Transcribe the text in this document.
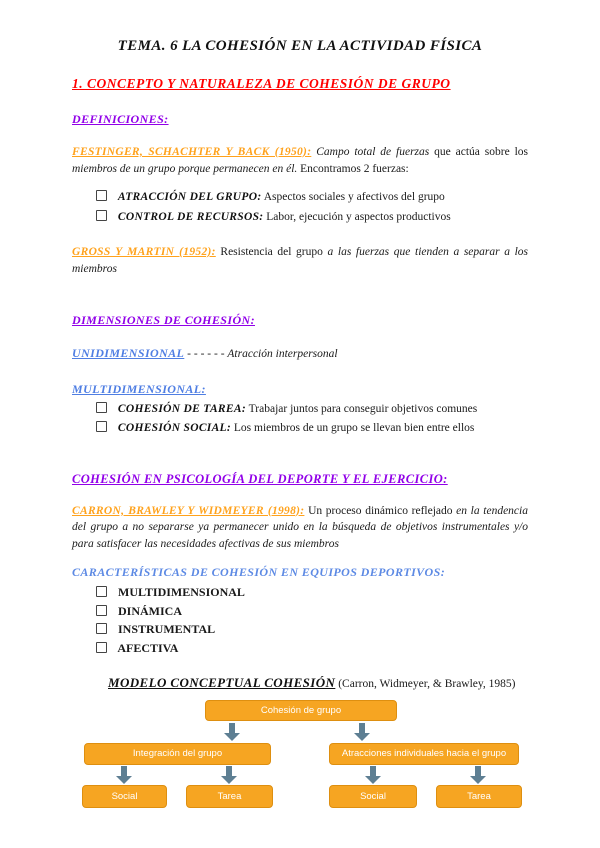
TEMA. 6 LA COHESIÓN EN LA ACTIVIDAD FÍSICA
1. CONCEPTO Y NATURALEZA DE COHESIÓN DE GRUPO
DEFINICIONES:

FESTINGER, SCHACHTER Y BACK (1950): Campo total de fuerzas que actúa sobre los miembros de un grupo porque permanecen en él. Encontramos 2 fuerzas:

ATRACCIÓN DEL GRUPO: Aspectos sociales y afectivos del grupo
CONTROL DE RECURSOS: Labor, ejecución y aspectos productivos

GROSS Y MARTIN (1952): Resistencia del grupo a las fuerzas que tienden a separar a los miembros

DIMENSIONES DE COHESIÓN:

UNIDIMENSIONAL - - - - - - Atracción interpersonal

MULTIDIMENSIONAL:
COHESIÓN DE TAREA: Trabajar juntos para conseguir objetivos comunes
COHESIÓN SOCIAL: Los miembros de un grupo se llevan bien entre ellos
COHESIÓN EN PSICOLOGÍA DEL DEPORTE Y EL EJERCICIO:

CARRON, BRAWLEY Y WIDMEYER (1998): Un proceso dinámico reflejado en la tendencia del grupo a no separarse ya permanecer unido en la búsqueda de objetivos instrumentales y/o para satisfacer las necesidades afectivas de sus miembros

CARACTERÍSTICAS DE COHESIÓN EN EQUIPOS DEPORTIVOS:
MULTIDIMENSIONAL
DINÁMICA
INSTRUMENTAL
AFECTIVA
MODELO CONCEPTUAL COHESIÓN (Carron, Widmeyer, & Brawley, 1985)
Cohesión de grupo
Integración del grupo	Atracciones individuales hacia el grupo
Social	Tarea	Social	Tarea
